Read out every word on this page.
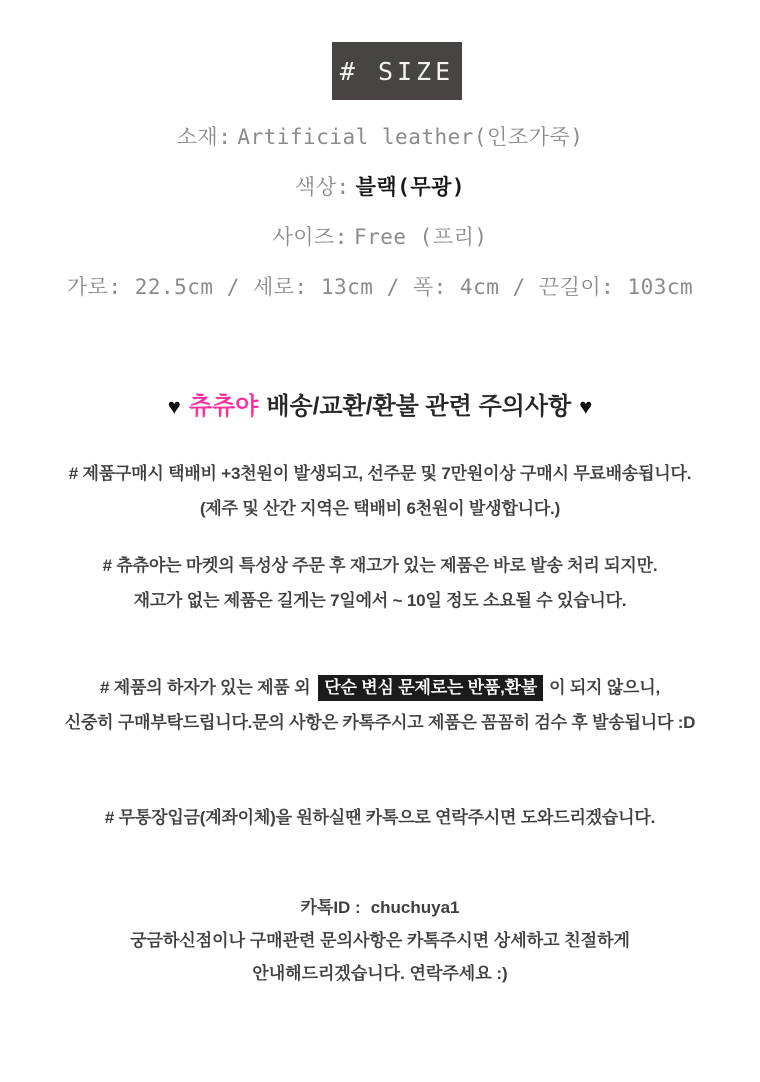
# SIZE

소재: Artificial leather(인조가죽)

색상: 블랙(무광)

사이즈: Free (프리)

가로: 22.5cm / 세로: 13cm / 폭: 4cm / 끈길이: 103cm

♥ 츄츄야 배송/교환/환불 관련 주의사항 ♥
# 제품구매시 택배비 +3천원이 발생되고, 선주문 및 7만원이상 구매시 무료배송됩니다.
(제주 및 산간 지역은 택배비 6천원이 발생합니다.)
# 츄츄야는 마켓의 특성상 주문 후 재고가 있는 제품은 바로 발송 처리 되지만.
재고가 없는 제품은 길게는 7일에서 ~ 10일 정도 소요될 수 있습니다.
# 제품의 하자가 있는 제품 외 단순 변심 문제로는 반품,환불 이 되지 않으니,
신중히 구매부탁드립니다.문의 사항은 카톡주시고 제품은 꼼꼼히 검수 후 발송됩니다 :D
# 무통장입금(계좌이체)을 원하실땐 카톡으로 연락주시면 도와드리겠습니다.
카톡ID : chuchuya1
궁금하신점이나 구매관련 문의사항은 카톡주시면 상세하고 친절하게
안내해드리겠습니다. 연락주세요 :)
